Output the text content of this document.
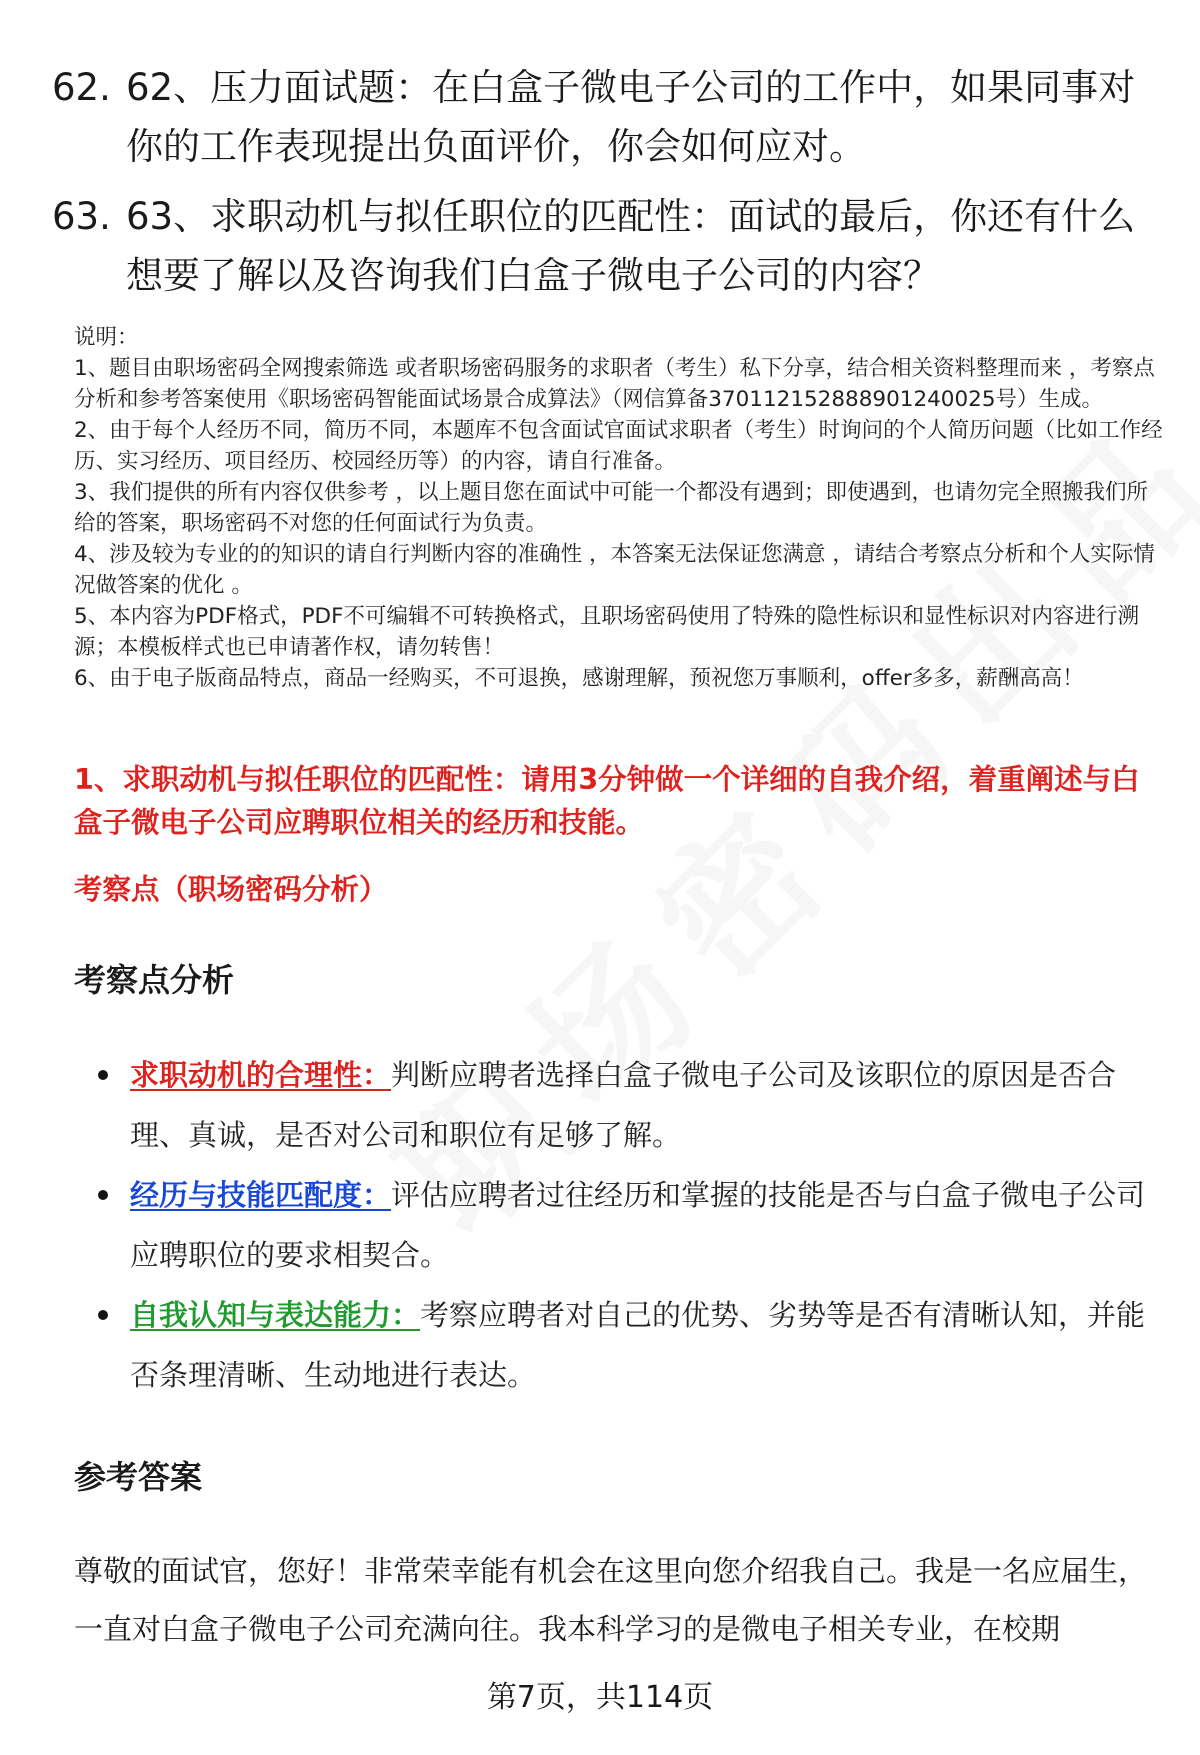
62. 62、压力面试题：在白盒子微电子公司的工作中，如果同事对你的工作表现提出负面评价，你会如何应对。
63. 63、求职动机与拟任职位的匹配性：面试的最后，你还有什么想要了解以及咨询我们白盒子微电子公司的内容？

说明：

1、题目由职场密码全网搜索筛选 或者职场密码服务的求职者（考生）私下分享，结合相关资料整理而来 ，考察点分析和参考答案使用《职场密码智能面试场景合成算法》（网信算备370112152888901240025号）生成。

2、由于每个人经历不同，简历不同，本题库不包含面试官面试求职者（考生）时询问的个人简历问题（比如工作经历、实习经历、项目经历、校园经历等）的内容，请自行准备。

3、我们提供的所有内容仅供参考 ，以上题目您在面试中可能一个都没有遇到；即使遇到，也请勿完全照搬我们所给的答案，职场密码不对您的任何面试行为负责。

4、涉及较为专业的的知识的请自行判断内容的准确性 ，本答案无法保证您满意 ，请结合考察点分析和个人实际情况做答案的优化 。

5、本内容为PDF格式，PDF不可编辑不可转换格式，且职场密码使用了特殊的隐性标识和显性标识对内容进行溯源；本模板样式也已申请著作权，请勿转售！

6、由于电子版商品特点，商品一经购买，不可退换，感谢理解，预祝您万事顺利，offer多多，薪酬高高！

1、求职动机与拟任职位的匹配性：请用3分钟做一个详细的自我介绍，着重阐述与白盒子微电子公司应聘职位相关的经历和技能。
考察点（职场密码分析）
考察点分析
求职动机的合理性：判断应聘者选择白盒子微电子公司及该职位的原因是否合理、真诚，是否对公司和职位有足够了解。
经历与技能匹配度：评估应聘者过往经历和掌握的技能是否与白盒子微电子公司应聘职位的要求相契合。
自我认知与表达能力：考察应聘者对自己的优势、劣势等是否有清晰认知，并能否条理清晰、生动地进行表达。
参考答案

尊敬的面试官，您好！非常荣幸能有机会在这里向您介绍我自己。我是一名应届生，一直对白盒子微电子公司充满向往。我本科学习的是微电子相关专业，在校期

第7页，共114页
